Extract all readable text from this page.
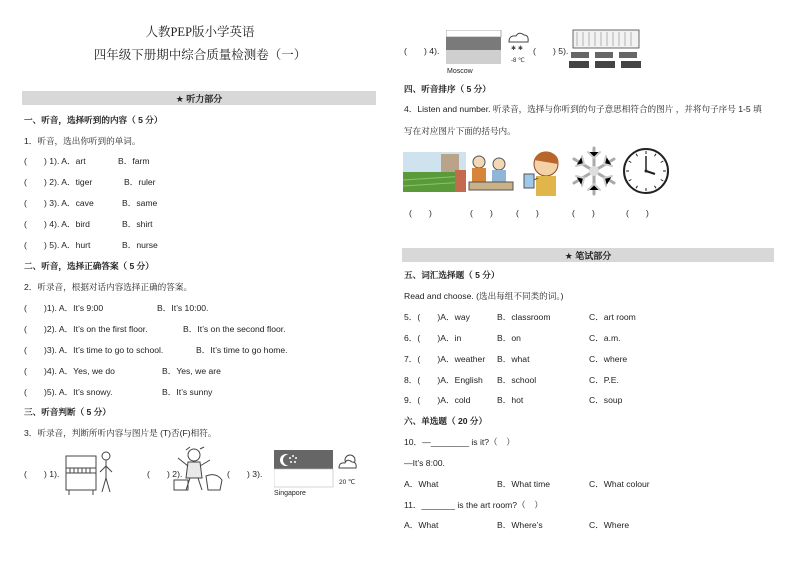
人教PEP版小学英语
四年级下册期中综合质量检测卷（一）
★ 听力部分
一、听音，选择听到的内容（ 5 分）
1．听音，选出你听到的单词。
(　　) 1). A．art	B．farm
(　　) 2). A．tiger	B．ruler
(　　) 3). A．cave	B．same
(　　) 4). A．bird	B．shirt
(　　) 5). A．hurt	B．nurse
二、听音，选择正确答案（ 5 分）
2．听录音，根据对话内容选择正确的答案。
(　　)1). A．It’s 9:00	B．It’s 10:00.
(　　)2). A．It’s on the first floor.	B．It’s on the second floor.
(　　)3). A．It’s time to go to school.	B．It’s time to go home.
(　　)4). A．Yes, we do	B．Yes, we are
(　　)5). A．It’s snowy.	B．It’s sunny
三、听音判断（ 5 分）
3．听录音，判断所听内容与图片是 (T)否(F)相符。
(　　) 1).	(　　) 2).	(　　) 3).
Singapore
20 ℃
(　　) 4).
Moscow
✱ ✱
-8 ℃
(　　) 5).
四、听音排序（ 5 分）
4．Listen and number. 听录音，选择与你听到的句子意思相符合的图片 ，并将句子序号 1-5 填
写在对应图片下面的括号内。
(　　)	(　　)	(　　)	(　　)	(　　)
★ 笔试部分
五、词汇选择题（ 5 分）
Read and choose. (选出每组不同类的词。)
5．(　　)A．way	B．classroom	C．art room
6．(　　)A．in	B．on	C．a.m.
7．(　　)A．weather B．what	C．where
8．(　　)A．English B．school	C．P.E.
9．(　　)A．cold	B．hot	C．soup
六、单选题（ 20 分）
10．—________ is it?（　）
—It’s 8:00.
A．What	B．What time	C．What colour
11．_______ is the art room?（　）
A．What	B．Where’s	C．Where
